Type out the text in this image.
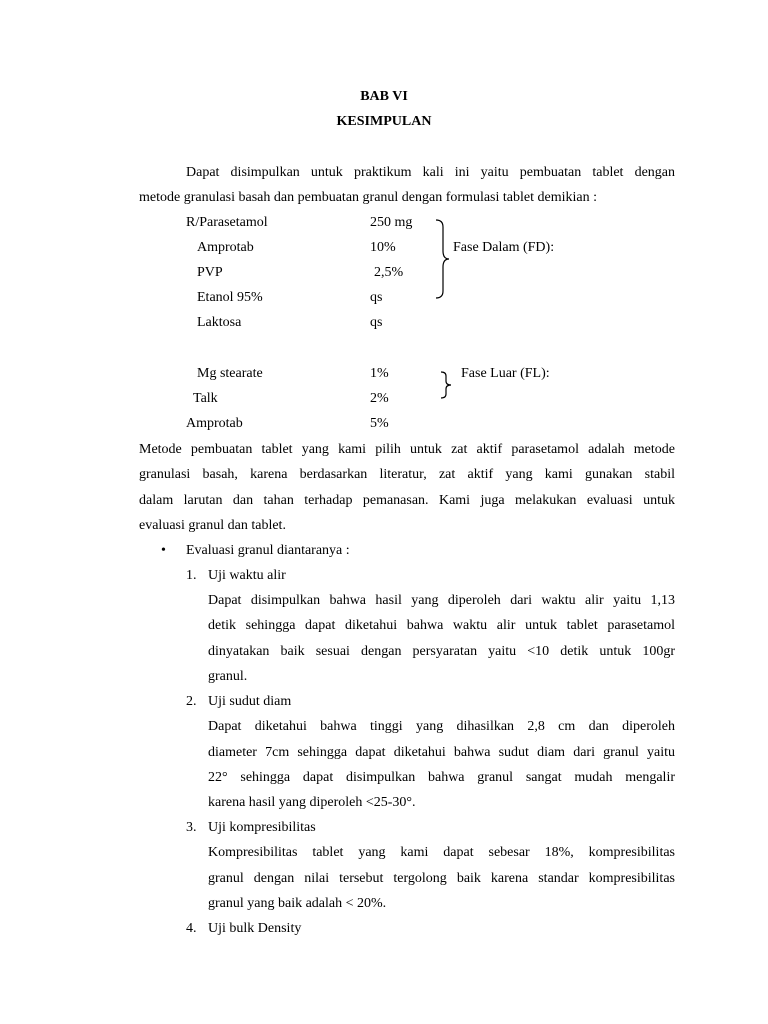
BAB VI
KESIMPULAN
Dapat disimpulkan untuk praktikum kali ini yaitu pembuatan tablet dengan
metode granulasi basah dan pembuatan granul dengan formulasi tablet demikian :
R/Parasetamol	250 mg
Amprotab	10%
PVP	2,5%
Etanol 95%	qs
Laktosa	qs
Fase Dalam (FD):
Mg stearate	1%
Talk	2%
Amprotab	5%
Fase Luar (FL):
Metode pembuatan tablet yang kami pilih untuk zat aktif parasetamol adalah metode
granulasi basah, karena berdasarkan literatur, zat aktif yang kami gunakan stabil
dalam larutan dan tahan terhadap pemanasan. Kami juga melakukan evaluasi untuk
evaluasi granul dan tablet.
• Evaluasi granul diantaranya :
1. Uji waktu alir
Dapat disimpulkan bahwa hasil yang diperoleh dari waktu alir yaitu 1,13
detik sehingga dapat diketahui bahwa waktu alir untuk tablet parasetamol
dinyatakan baik sesuai dengan persyaratan yaitu <10 detik untuk 100gr
granul.
2. Uji sudut diam
Dapat diketahui bahwa tinggi yang dihasilkan 2,8 cm dan diperoleh
diameter 7cm sehingga dapat diketahui bahwa sudut diam dari granul yaitu
22° sehingga dapat disimpulkan bahwa granul sangat mudah mengalir
karena hasil yang diperoleh <25-30°.
3. Uji kompresibilitas
Kompresibilitas tablet yang kami dapat sebesar 18%, kompresibilitas
granul dengan nilai tersebut tergolong baik karena standar kompresibilitas
granul yang baik adalah < 20%.
4. Uji bulk Density
